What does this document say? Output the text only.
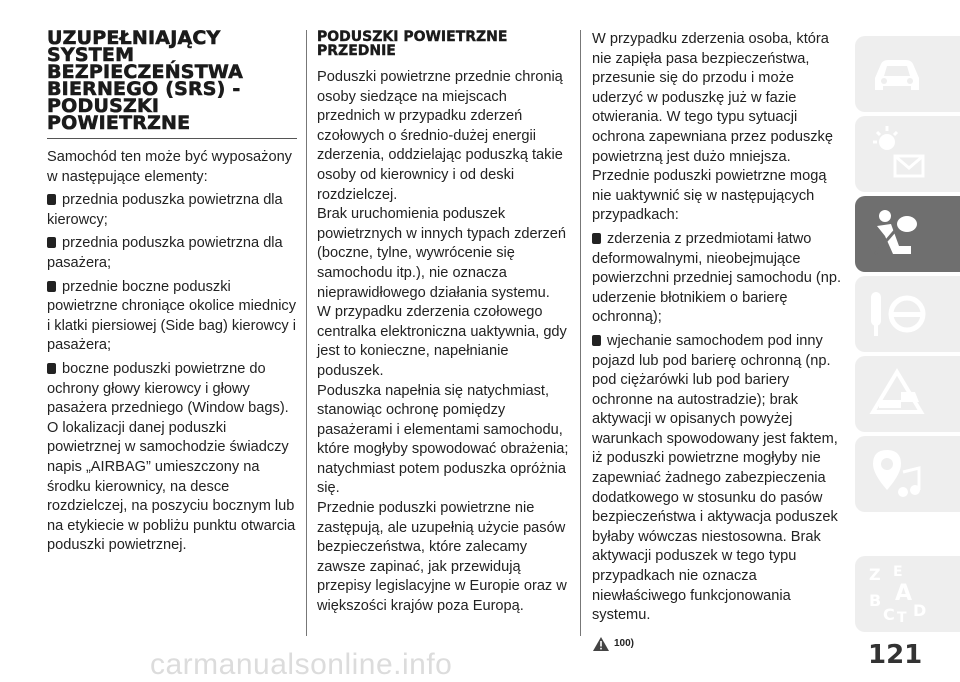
UZUPEŁNIAJĄCY
SYSTEM
BEZPIECZEŃSTWA
BIERNEGO (SRS) -
PODUSZKI
POWIETRZNE

Samochód ten może być wyposażony w następujące elementy:

przednia poduszka powietrzna dla kierowcy;

przednia poduszka powietrzna dla pasażera;

przednie boczne poduszki powietrzne chroniące okolice miednicy i klatki piersiowej (Side bag) kierowcy i pasażera;

boczne poduszki powietrzne do ochrony głowy kierowcy i głowy pasażera przedniego (Window bags).

O lokalizacji danej poduszki powietrznej w samochodzie świadczy napis „AIRBAG” umieszczony na środku kierownicy, na desce rozdzielczej, na poszyciu bocznym lub na etykiecie w pobliżu punktu otwarcia poduszki powietrznej.

PODUSZKI POWIETRZNE
PRZEDNIE

Poduszki powietrzne przednie chronią osoby siedzące na miejscach przednich w przypadku zderzeń czołowych o średnio-dużej energii zderzenia, oddzielając poduszką takie osoby od kierownicy i od deski rozdzielczej.

Brak uruchomienia poduszek powietrznych w innych typach zderzeń (boczne, tylne, wywrócenie się samochodu itp.), nie oznacza nieprawidłowego działania systemu.

W przypadku zderzenia czołowego centralka elektroniczna uaktywnia, gdy jest to konieczne, napełnianie poduszek.

Poduszka napełnia się natychmiast, stanowiąc ochronę pomiędzy pasażerami i elementami samochodu, które mogłyby spowodować obrażenia; natychmiast potem poduszka opróżnia się.

Przednie poduszki powietrzne nie zastępują, ale uzupełnią użycie pasów bezpieczeństwa, które zalecamy zawsze zapinać, jak przewidują przepisy legislacyjne w Europie oraz w większości krajów poza Europą.

W przypadku zderzenia osoba, która nie zapięła pasa bezpieczeństwa, przesunie się do przodu i może uderzyć w poduszkę już w fazie otwierania. W tego typu sytuacji ochrona zapewniana przez poduszkę powietrzną jest dużo mniejsza.

Przednie poduszki powietrzne mogą nie uaktywnić się w następujących przypadkach:

zderzenia z przedmiotami łatwo deformowalnymi, nieobejmujące powierzchni przedniej samochodu (np. uderzenie błotnikiem o barierę ochronną);

wjechanie samochodem pod inny pojazd lub pod barierę ochronną (np. pod ciężarówki lub pod bariery ochronne na autostradzie); brak aktywacji w opisanych powyżej warunkach spowodowany jest faktem, iż poduszki powietrzne mogłyby nie zapewniać żadnego zabezpieczenia dodatkowego w stosunku do pasów bezpieczeństwa i aktywacja poduszek byłaby wówczas niestosowna. Brak aktywacji poduszek w tego typu przypadkach nie oznacza niewłaściwego funkcjonowania systemu.

100)
Z E
B A
C T D
121
carmanualsonline.info
